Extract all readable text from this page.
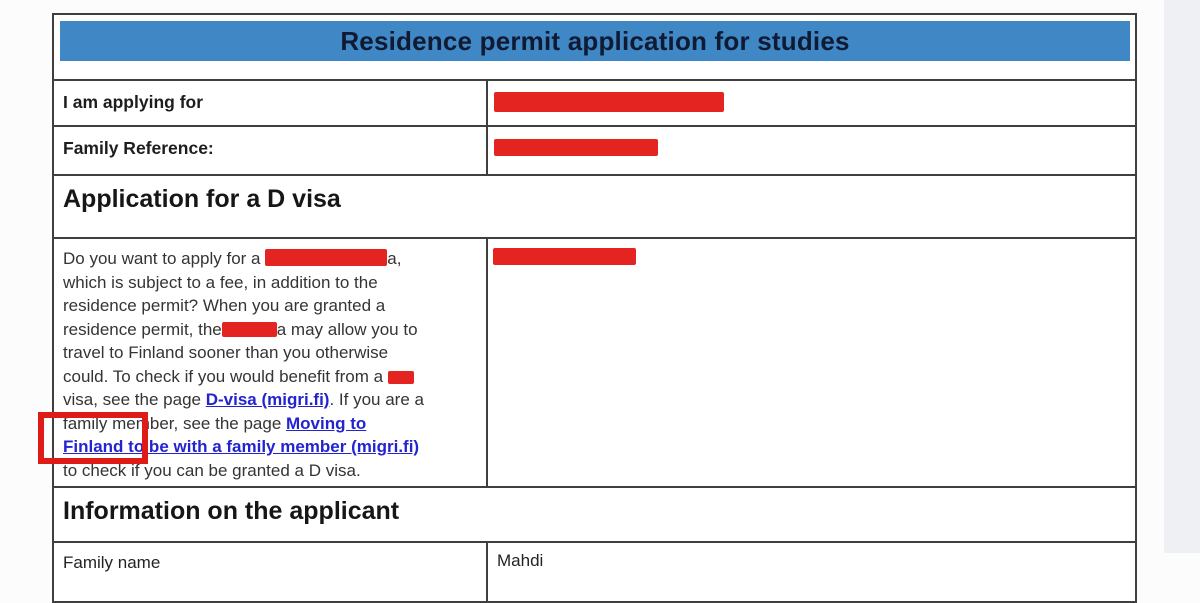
Residence permit application for studies
I am applying for
Family Reference:
Application for a D visa
Do you want to apply for a	a,
which is subject to a fee, in addition to the
residence permit? When you are granted a
residence permit, the	a may allow you to
travel to Finland sooner than you otherwise
could. To check if you would benefit from a
visa, see the page D-visa (migri.fi). If you are a
family member, see the page Moving to
Finland to be with a family member (migri.fi)
to check if you can be granted a D visa.
Information on the applicant
Family name	Mahdi
